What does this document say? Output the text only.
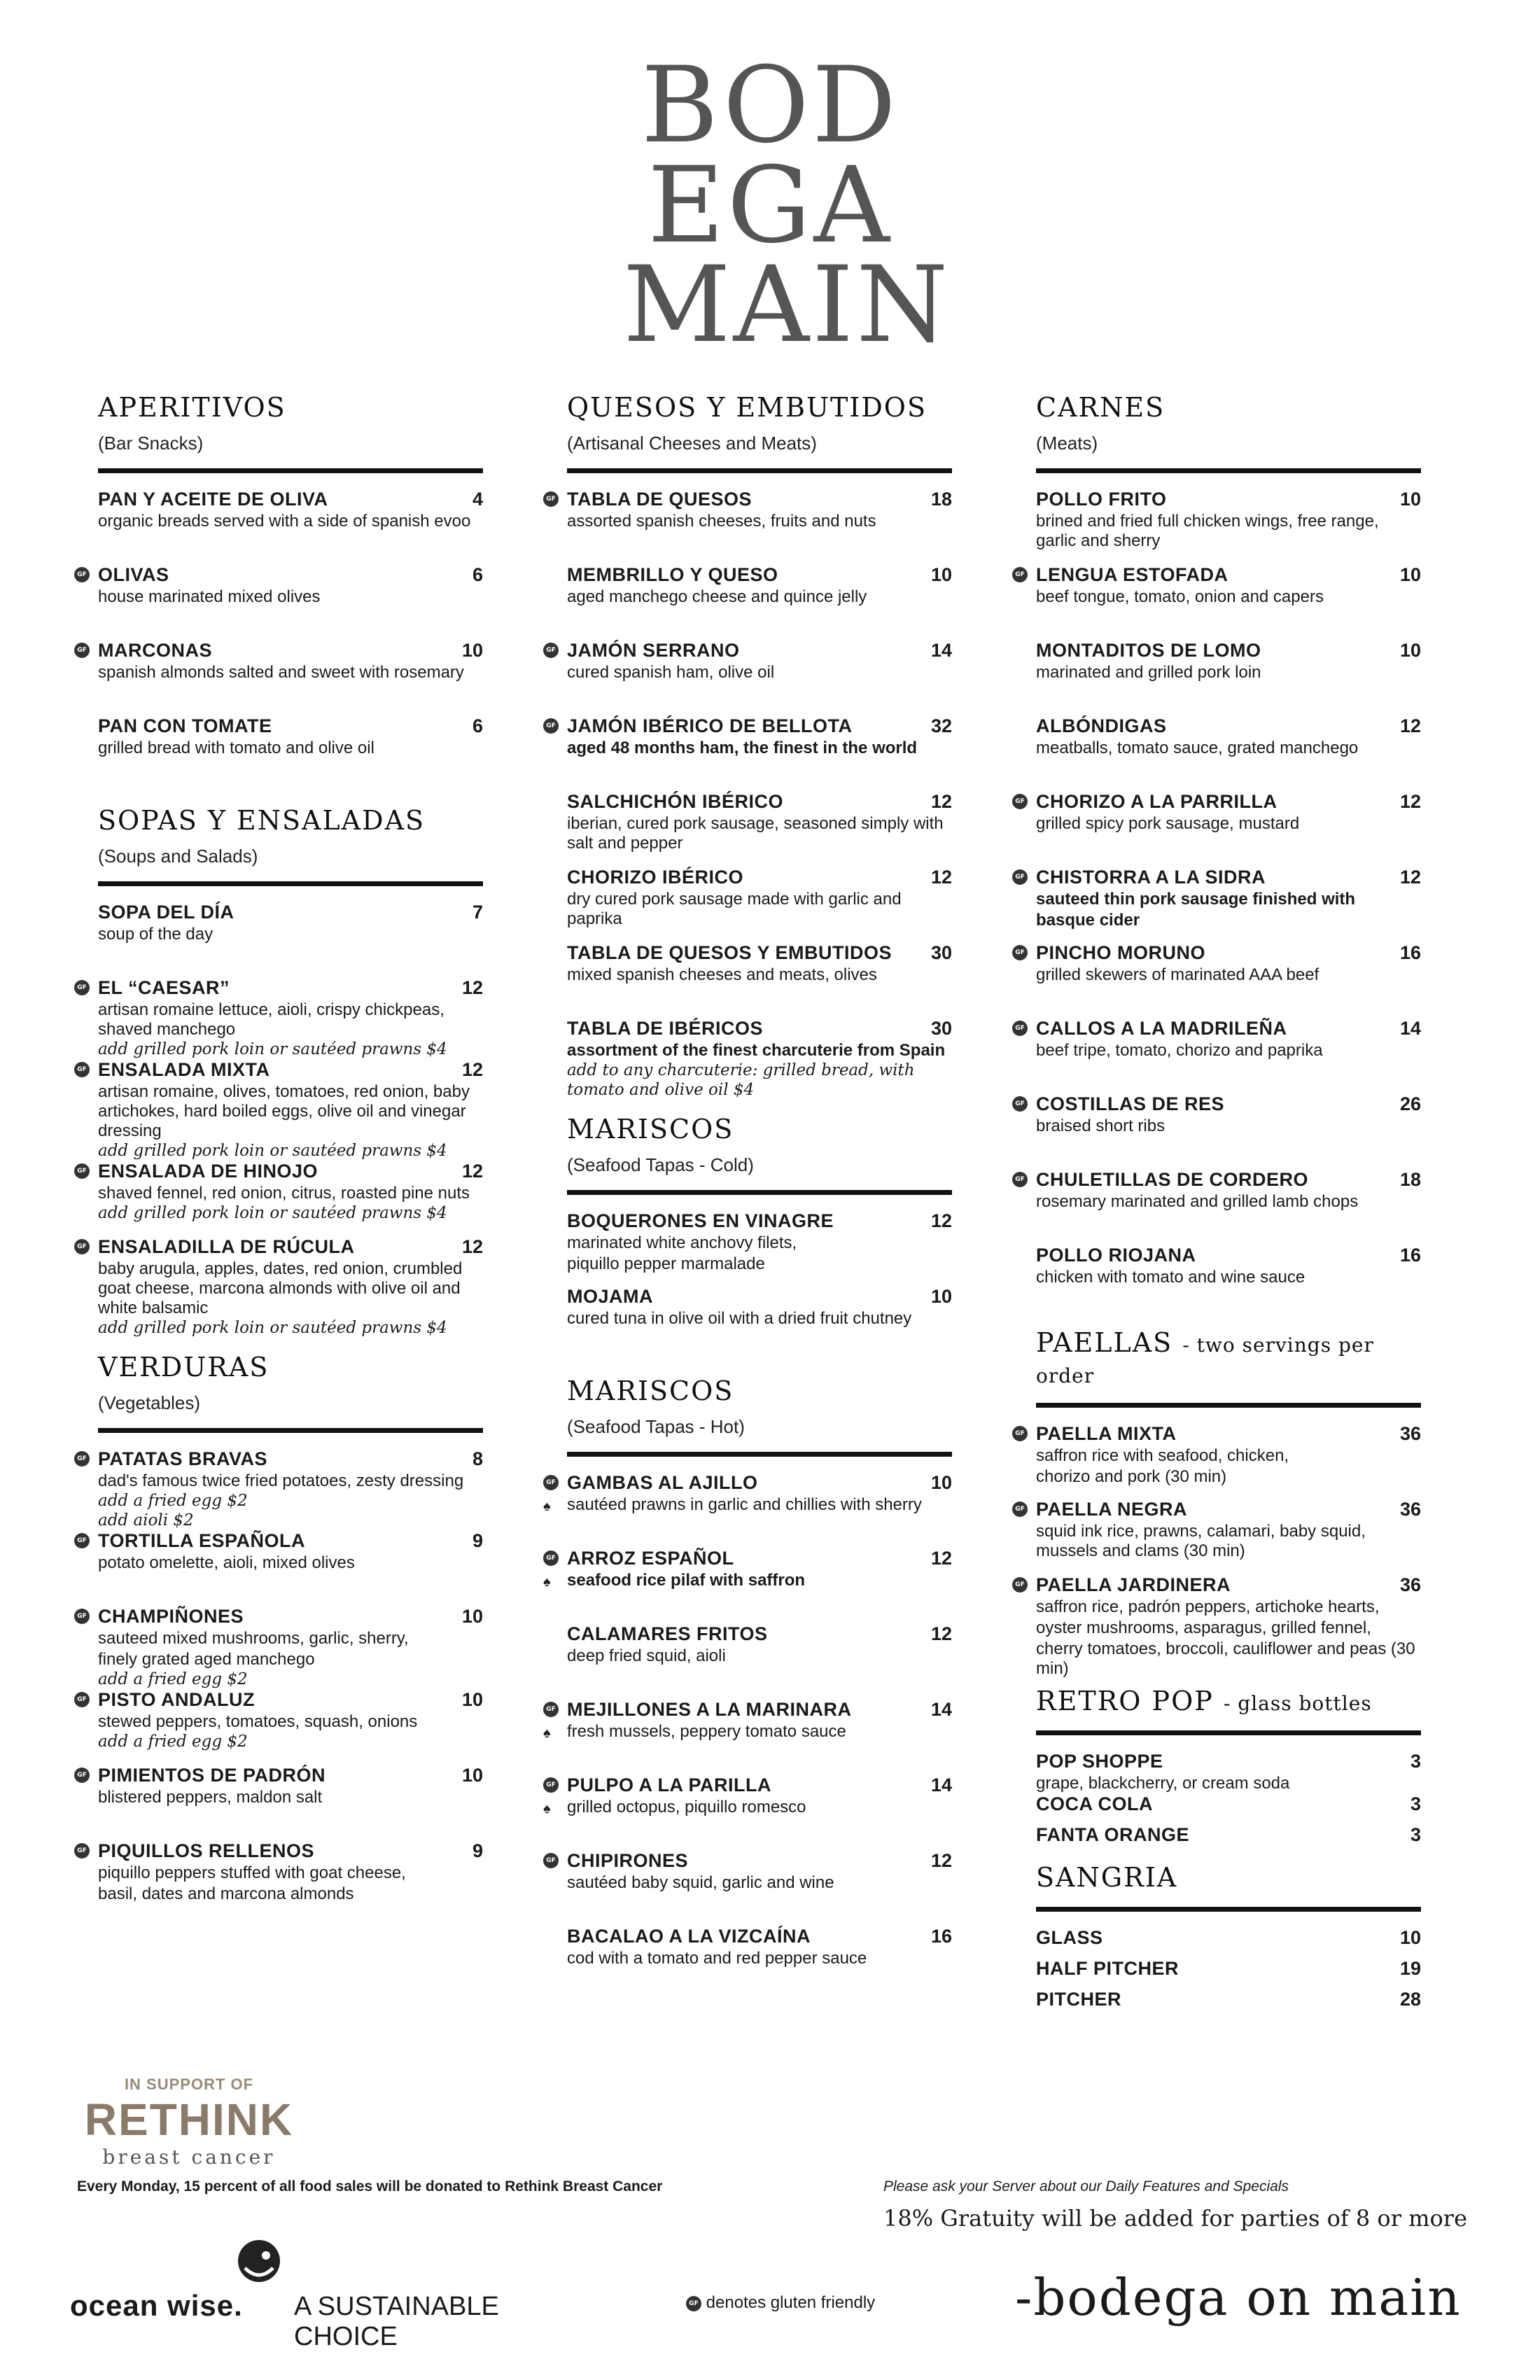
BOD
EGA
MAIN
APERITIVOS
(Bar Snacks)
PAN Y ACEITE DE OLIVA	4
organic breads served with a side of spanish evoo
GF OLIVAS	6
house marinated mixed olives
GF MARCONAS	10
spanish almonds salted and sweet with rosemary
PAN CON TOMATE	6
grilled bread with tomato and olive oil
SOPAS Y ENSALADAS
(Soups and Salads)
SOPA DEL DÍA	7
soup of the day
GF EL “CAESAR”	12
artisan romaine lettuce, aioli, crispy chickpeas, shaved manchego
add grilled pork loin or sautéed prawns $4
GF ENSALADA MIXTA	12
artisan romaine, olives, tomatoes, red onion, baby artichokes, hard boiled eggs, olive oil and vinegar dressing
add grilled pork loin or sautéed prawns $4
GF ENSALADA DE HINOJO	12
shaved fennel, red onion, citrus, roasted pine nuts
add grilled pork loin or sautéed prawns $4
GF ENSALADILLA DE RÚCULA	12
baby arugula, apples, dates, red onion, crumbled goat cheese, marcona almonds with olive oil and white balsamic
add grilled pork loin or sautéed prawns $4
VERDURAS
(Vegetables)
GF PATATAS BRAVAS	8
dad's famous twice fried potatoes, zesty dressing
add a fried egg $2
add aioli $2
GF TORTILLA ESPAÑOLA	9
potato omelette, aioli, mixed olives
GF CHAMPIÑONES	10
sauteed mixed mushrooms, garlic, sherry,
finely grated aged manchego
add a fried egg $2
GF PISTO ANDALUZ	10
stewed peppers, tomatoes, squash, onions
add a fried egg $2
GF PIMIENTOS DE PADRÓN	10
blistered peppers, maldon salt
GF PIQUILLOS RELLENOS	9
piquillo peppers stuffed with goat cheese,
basil, dates and marcona almonds
QUESOS Y EMBUTIDOS
(Artisanal Cheeses and Meats)
GF TABLA DE QUESOS	18
assorted spanish cheeses, fruits and nuts
MEMBRILLO Y QUESO	10
aged manchego cheese and quince jelly
GF JAMÓN SERRANO	14
cured spanish ham, olive oil
GF JAMÓN IBÉRICO DE BELLOTA	32
aged 48 months ham, the finest in the world
SALCHICHÓN IBÉRICO	12
iberian, cured pork sausage, seasoned simply with salt and pepper
CHORIZO IBÉRICO	12
dry cured pork sausage made with garlic and paprika
TABLA DE QUESOS Y EMBUTIDOS	30
mixed spanish cheeses and meats, olives
TABLA DE IBÉRICOS	30
assortment of the finest charcuterie from Spain
add to any charcuterie: grilled bread, with tomato and olive oil $4
MARISCOS
(Seafood Tapas - Cold)
BOQUERONES EN VINAGRE	12
marinated white anchovy filets,
piquillo pepper marmalade
MOJAMA	10
cured tuna in olive oil with a dried fruit chutney
MARISCOS
(Seafood Tapas - Hot)
GF
♠
GAMBAS AL AJILLO	10
sautéed prawns in garlic and chillies with sherry
GF
♠
ARROZ ESPAÑOL	12
seafood rice pilaf with saffron
CALAMARES FRITOS	12
deep fried squid, aioli
GF
♠
MEJILLONES A LA MARINARA	14
fresh mussels, peppery tomato sauce
GF
♠
PULPO A LA PARILLA	14
grilled octopus, piquillo romesco
GF CHIPIRONES	12
sautéed baby squid, garlic and wine
BACALAO A LA VIZCAÍNA	16
cod with a tomato and red pepper sauce
CARNES
(Meats)
POLLO FRITO	10
brined and fried full chicken wings, free range, garlic and sherry
GF LENGUA ESTOFADA	10
beef tongue, tomato, onion and capers
MONTADITOS DE LOMO	10
marinated and grilled pork loin
ALBÓNDIGAS	12
meatballs, tomato sauce, grated manchego
GF CHORIZO A LA PARRILLA	12
grilled spicy pork sausage, mustard
GF CHISTORRA A LA SIDRA	12
sauteed thin pork sausage finished with
basque cider
GF PINCHO MORUNO	16
grilled skewers of marinated AAA beef
GF CALLOS A LA MADRILEÑA	14
beef tripe, tomato, chorizo and paprika
GF COSTILLAS DE RES	26
braised short ribs
GF CHULETILLAS DE CORDERO	18
rosemary marinated and grilled lamb chops
POLLO RIOJANA	16
chicken with tomato and wine sauce
PAELLAS - two servings per order
GF PAELLA MIXTA	36
saffron rice with seafood, chicken,
chorizo and pork (30 min)
GF PAELLA NEGRA	36
squid ink rice, prawns, calamari, baby squid, mussels and clams (30 min)
GF PAELLA JARDINERA	36
saffron rice, padrón peppers, artichoke hearts,
oyster mushrooms, asparagus, grilled fennel,
cherry tomatoes, broccoli, cauliflower and peas (30 min)
RETRO POP - glass bottles
POP SHOPPE	3
grape, blackcherry, or cream soda
COCA COLA	3
FANTA ORANGE	3
SANGRIA
GLASS	10
HALF PITCHER	19
PITCHER	28
IN SUPPORT OF
RETHINK
breast cancer
Every Monday, 15 percent of all food sales will be donated to Rethink Breast Cancer	Please ask your Server about our Daily Features and Specials
18% Gratuity will be added for parties of 8 or more
ocean wise. A SUSTAINABLE CHOICE
GF denotes gluten friendly	-bodega on main
